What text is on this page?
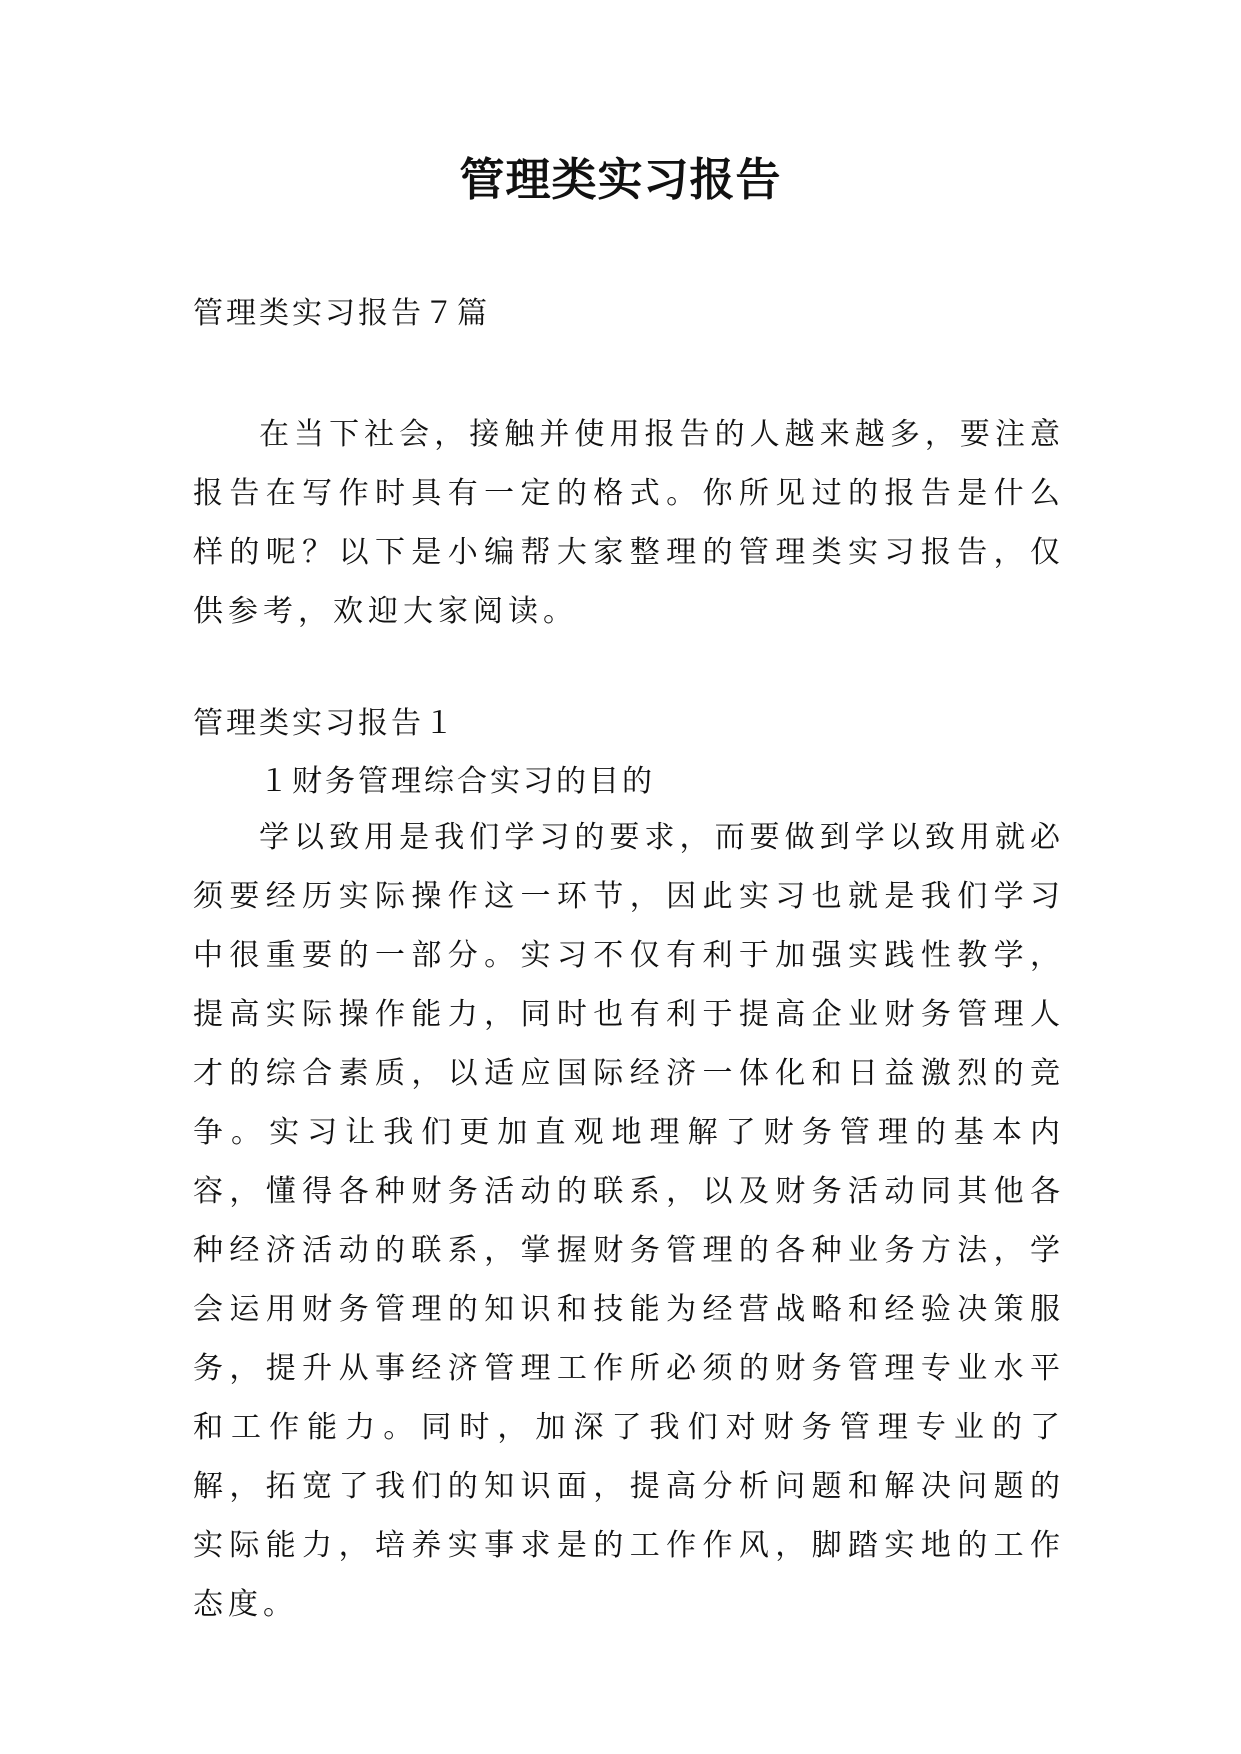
管理类实习报告
管理类实习报告７篇

在当下社会，接触并使用报告的人越来越多，要注意报告在写作时具有一定的格式。你所见过的报告是什么样的呢？以下是小编帮大家整理的管理类实习报告，仅供参考，欢迎大家阅读。

管理类实习报告１
１财务管理综合实习的目的

学以致用是我们学习的要求，而要做到学以致用就必须要经历实际操作这一环节，因此实习也就是我们学习中很重要的一部分。实习不仅有利于加强实践性教学，提高实际操作能力，同时也有利于提高企业财务管理人才的综合素质，以适应国际经济一体化和日益激烈的竞争。实习让我们更加直观地理解了财务管理的基本内容，懂得各种财务活动的联系，以及财务活动同其他各种经济活动的联系，掌握财务管理的各种业务方法，学会运用财务管理的知识和技能为经营战略和经验决策服务，提升从事经济管理工作所必须的财务管理专业水平和工作能力。同时，加深了我们对财务管理专业的了解，拓宽了我们的知识面，提高分析问题和解决问题的实际能力，培养实事求是的工作作风，脚踏实地的工作态度。
